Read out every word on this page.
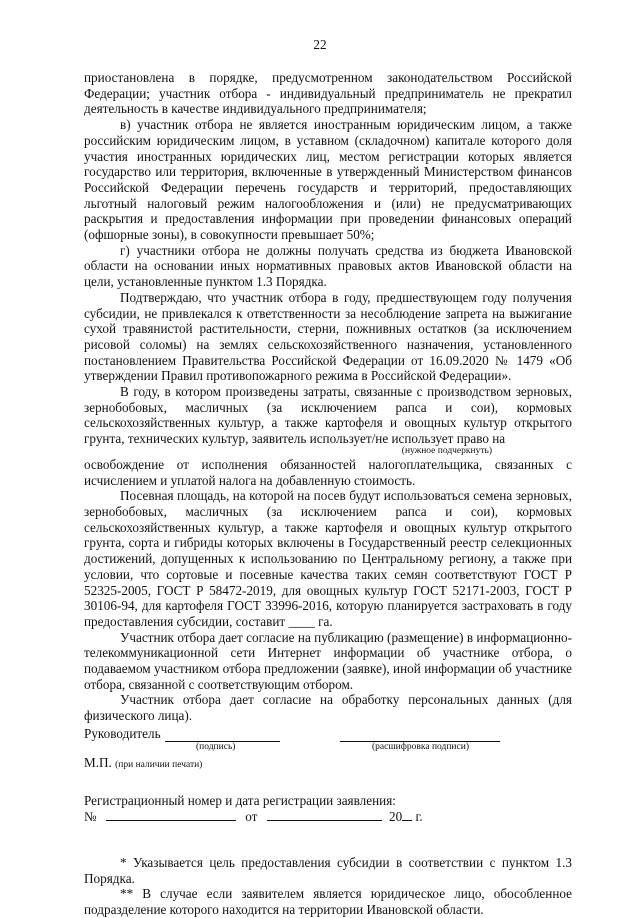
22

приостановлена в порядке, предусмотренном законодательством Российской Федерации; участник отбора - индивидуальный предприниматель не прекратил деятельность в качестве индивидуального предпринимателя;

в) участник отбора не является иностранным юридическим лицом, а также российским юридическим лицом, в уставном (складочном) капитале которого доля участия иностранных юридических лиц, местом регистрации которых является государство или территория, включенные в утвержденный Министерством финансов Российской Федерации перечень государств и территорий, предоставляющих льготный налоговый режим налогообложения и (или) не предусматривающих раскрытия и предоставления информации при проведении финансовых операций (офшорные зоны), в совокупности превышает 50%;

г) участники отбора не должны получать средства из бюджета Ивановской области на основании иных нормативных правовых актов Ивановской области на цели, установленные пунктом 1.3 Порядка.

Подтверждаю, что участник отбора в году, предшествующем году получения субсидии, не привлекался к ответственности за несоблюдение запрета на выжигание сухой травянистой растительности, стерни, пожнивных остатков (за исключением рисовой соломы) на землях сельскохозяйственного назначения, установленного постановлением Правительства Российской Федерации от 16.09.2020 № 1479 «Об утверждении Правил противопожарного режима в Российской Федерации».

В году, в котором произведены затраты, связанные с производством зерновых, зернобобовых, масличных (за исключением рапса и сои), кормовых сельскохозяйственных культур, а также картофеля и овощных культур открытого грунта, технических культур, заявитель использует/не использует право на

(нужное подчеркнуть)

освобождение от исполнения обязанностей налогоплательщика, связанных с исчислением и уплатой налога на добавленную стоимость.

Посевная площадь, на которой на посев будут использоваться семена зерновых, зернобобовых, масличных (за исключением рапса и сои), кормовых сельскохозяйственных культур, а также картофеля и овощных культур открытого грунта, сорта и гибриды которых включены в Государственный реестр селекционных достижений, допущенных к использованию по Центральному региону, а также при условии, что сортовые и посевные качества таких семян соответствуют ГОСТ Р 52325-2005, ГОСТ Р 58472-2019, для овощных культур ГОСТ 52171-2003, ГОСТ Р 30106-94, для картофеля ГОСТ 33996-2016, которую планируется застраховать в году предоставления субсидии, составит ____ га.

Участник отбора дает согласие на публикацию (размещение) в информационно-телекоммуникационной сети Интернет информации об участнике отбора, о подаваемом участником отбора предложении (заявке), иной информации об участнике отбора, связанной с соответствующим отбором.

Участник отбора дает согласие на обработку персональных данных (для физического лица).

Руководитель
(подпись)	(расшифровка подписи)
М.П. (при наличии печати)
Регистрационный номер и дата регистрации заявления:
№	от	20 г.

* Указывается цель предоставления субсидии в соответствии с пунктом 1.3 Порядка.

** В случае если заявителем является юридическое лицо, обособленное подразделение которого находится на территории Ивановской области.
